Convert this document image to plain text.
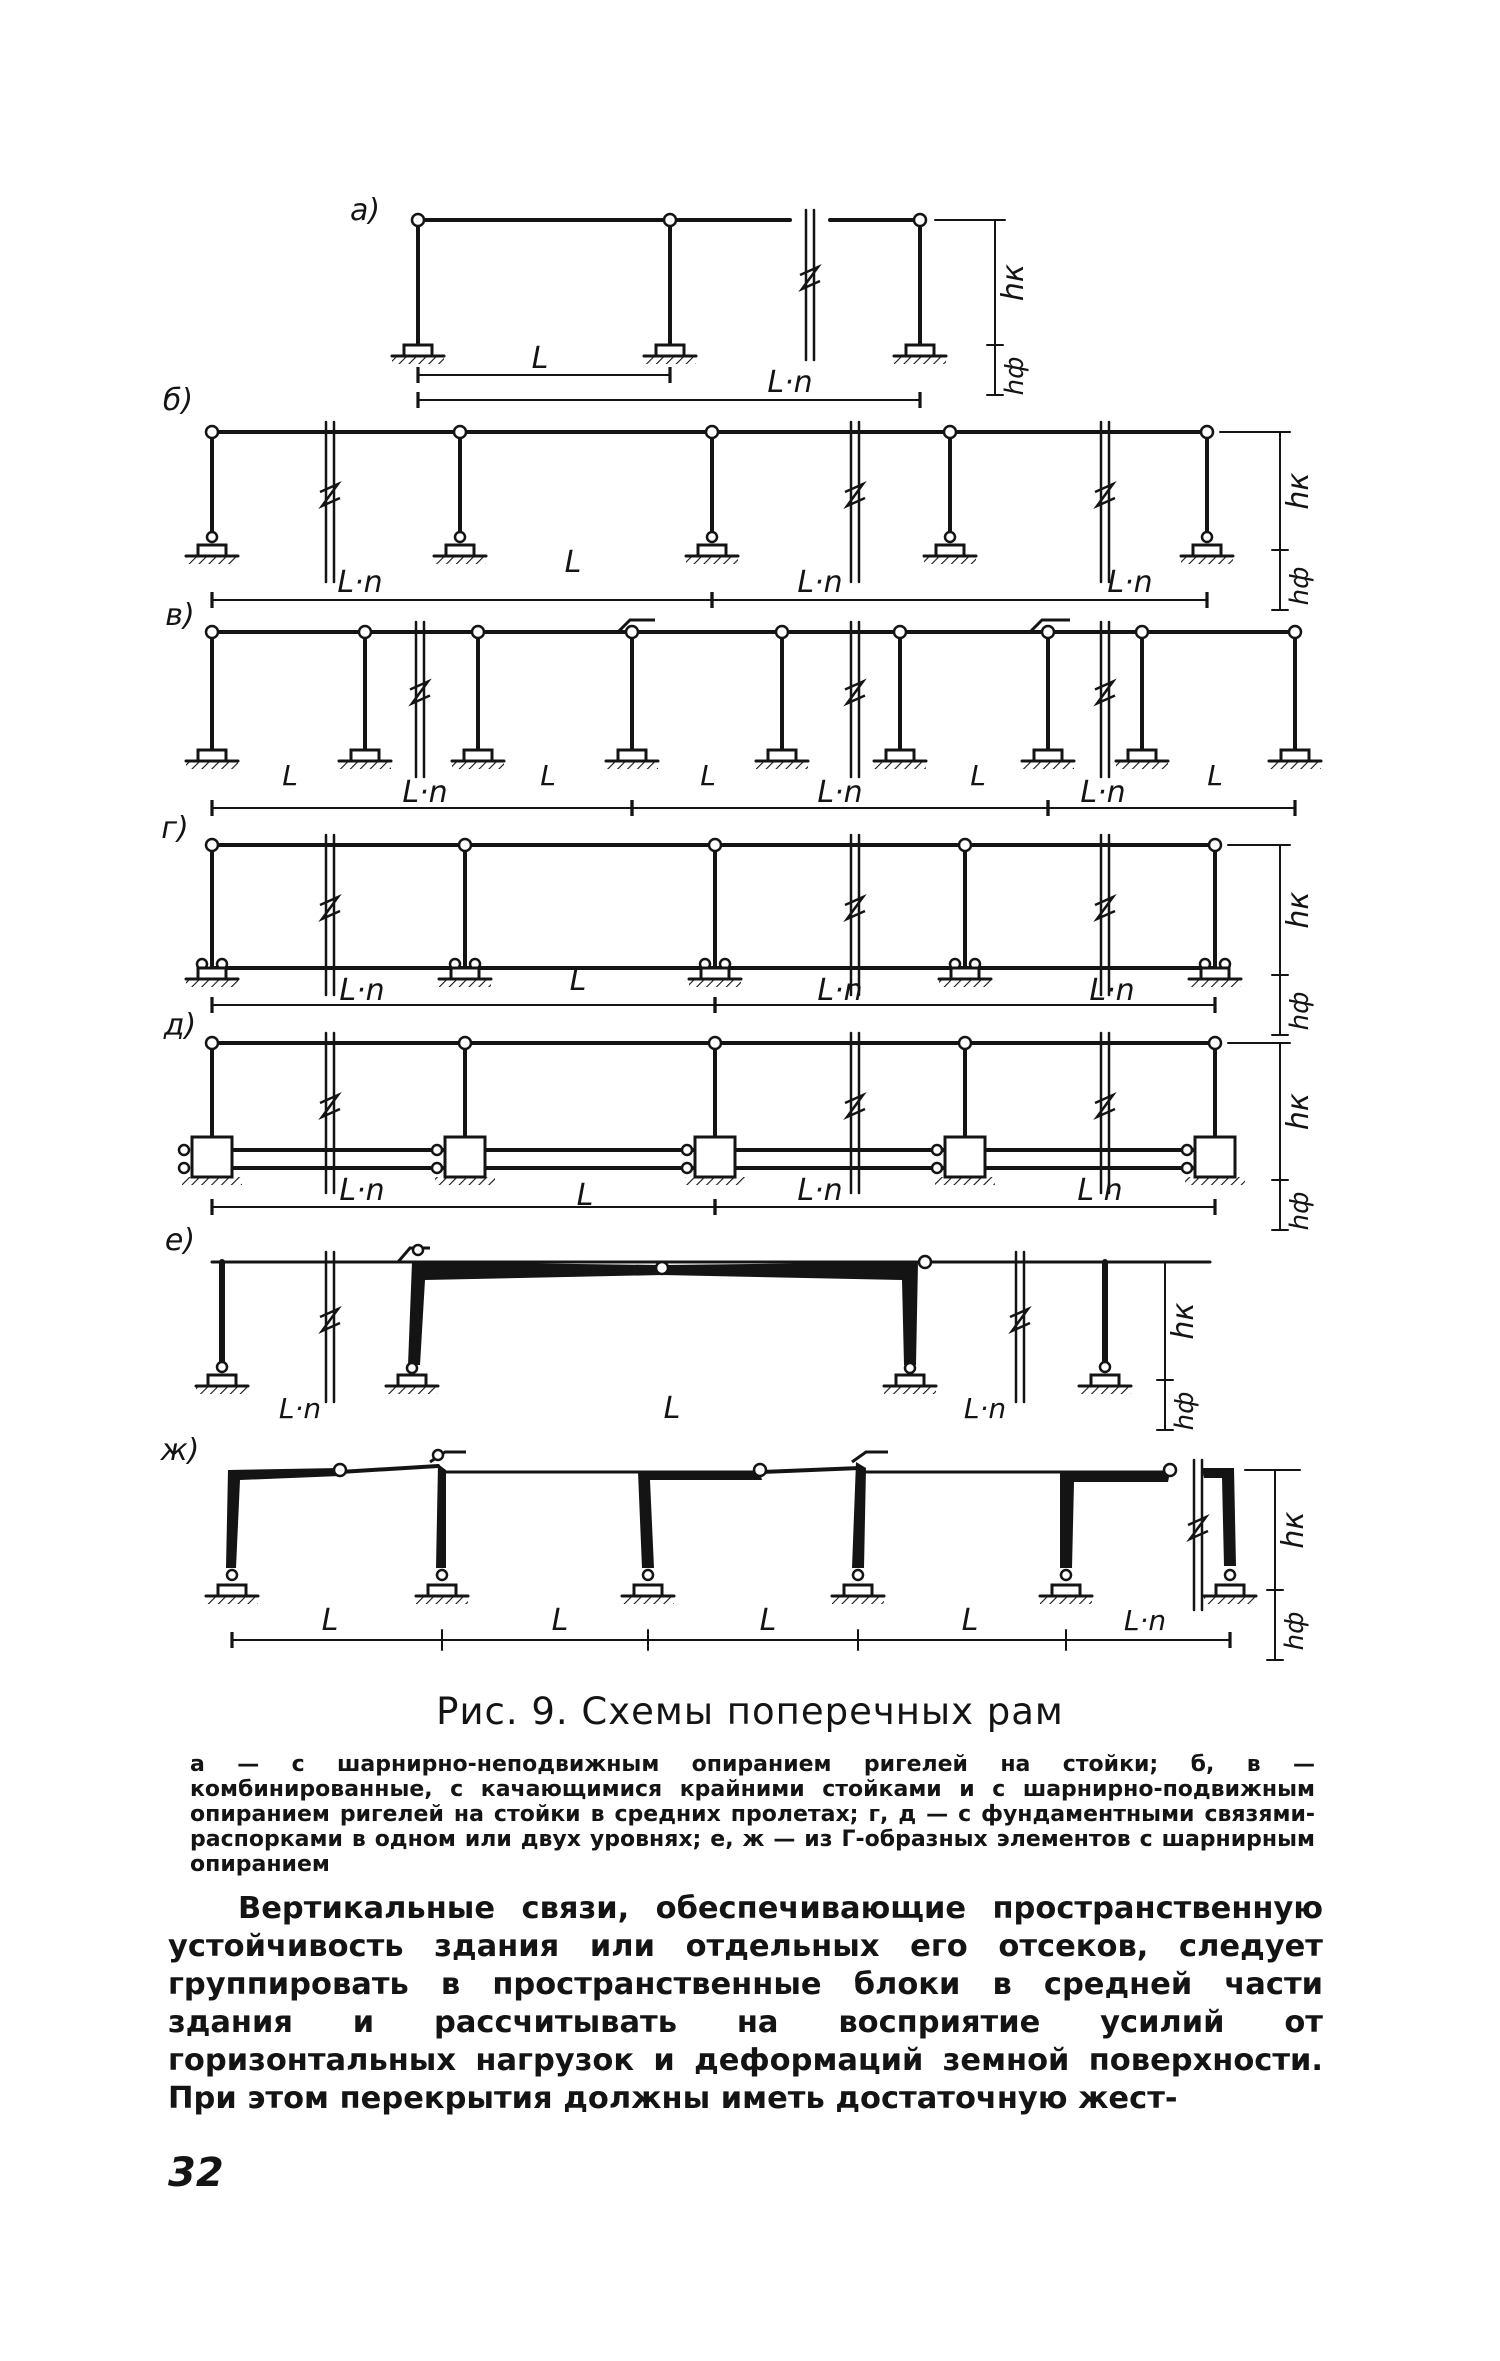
а)
L
L·n
hк
hф
б)
L·n
L
L·n	L·n
hк
hф
в)
L	L	L	L	L
L·n	L·n	L·n
г)
L·n	L	L·n	L·n
hк
hф
д)
L·n	L	L·n	L n
hк
hф
е)
L·n	L	L·n
hк
hф
ж)
L	L	L	L	L·n
hк
hф
Рис. 9. Схемы поперечных рам
а — с шарнирно-неподвижным опиранием ригелей на стойки; б, в — комбинированные, с качающимися крайними стойками и с шарнирно-подвижным опиранием ригелей на стойки в средних пролетах; г, д — с фундаментными связями-распорками в одном или двух уровнях; е, ж — из Г-образных элементов с шарнирным опиранием
Вертикальные связи, обеспечивающие пространственную устойчивость здания или отдельных его отсеков, следует группировать в пространственные блоки в средней части здания и рассчитывать на восприятие усилий от горизонтальных нагрузок и деформаций земной поверхности. При этом перекрытия должны иметь достаточную жест-
32
